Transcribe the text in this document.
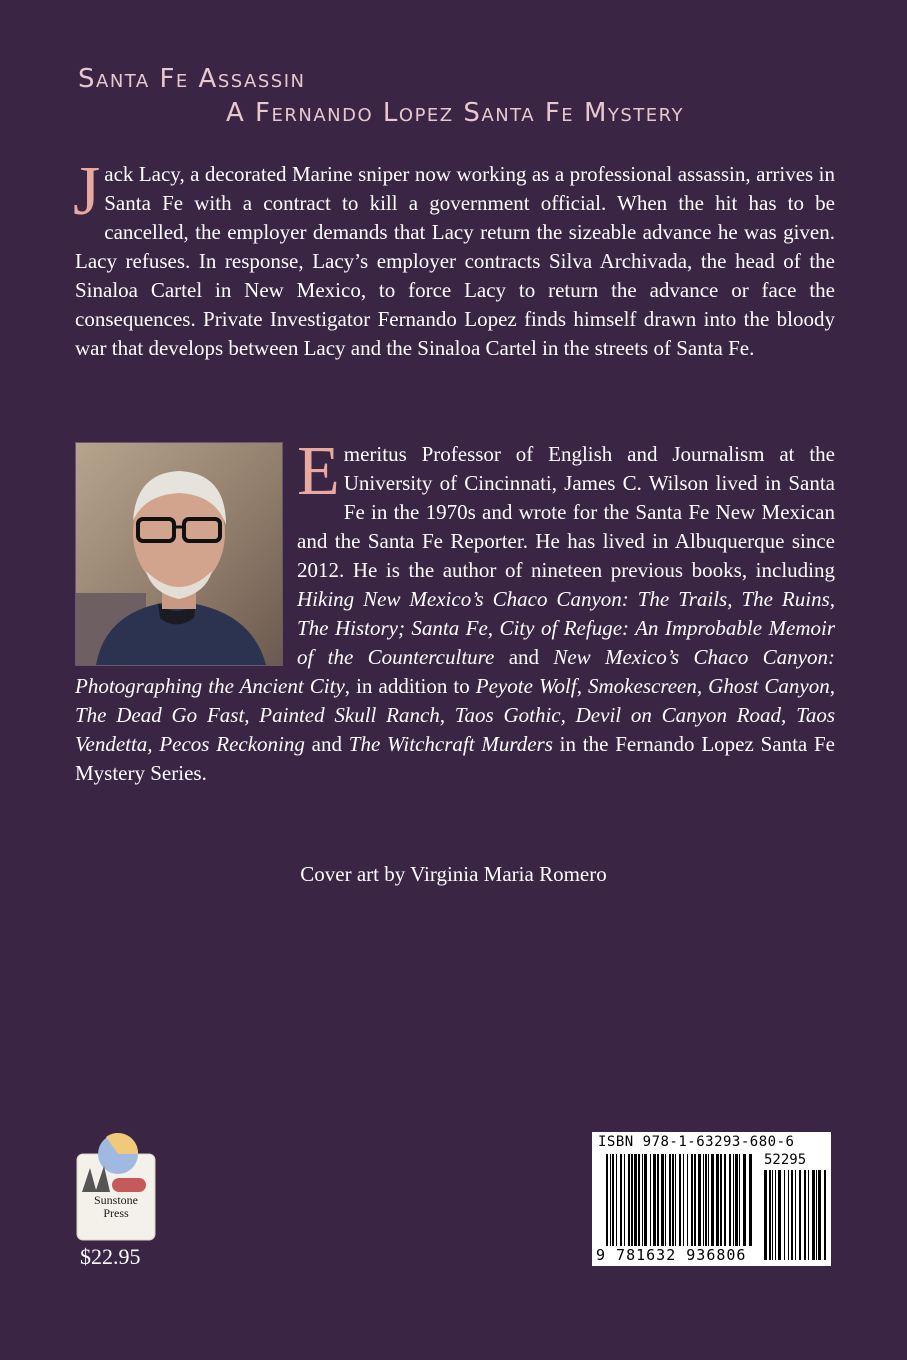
Santa Fe Assassin
A Fernando Lopez Santa Fe Mystery
Jack Lacy, a decorated Marine sniper now working as a professional assassin, arrives in Santa Fe with a contract to kill a government official. When the hit has to be cancelled, the employer demands that Lacy return the sizeable advance he was given. Lacy refuses. In response, Lacy’s employer contracts Silva Archivada, the head of the Sinaloa Cartel in New Mexico, to force Lacy to return the advance or face the consequences. Private Investigator Fernando Lopez finds himself drawn into the bloody war that develops between Lacy and the Sinaloa Cartel in the streets of Santa Fe.
Emeritus Professor of English and Journalism at the University of Cincinnati, James C. Wilson lived in Santa Fe in the 1970s and wrote for the Santa Fe New Mexican and the Santa Fe Reporter. He has lived in Albuquerque since 2012. He is the author of nineteen previous books, including Hiking New Mexico’s Chaco Canyon: The Trails, The Ruins, The History; Santa Fe, City of Refuge: An Improbable Memoir of the Counterculture and New Mexico’s Chaco Canyon: Photographing the Ancient City, in addition to Peyote Wolf, Smokescreen, Ghost Canyon, The Dead Go Fast, Painted Skull Ranch, Taos Gothic, Devil on Canyon Road, Taos Vendetta, Pecos Reckoning and The Witchcraft Murders in the Fernando Lopez Santa Fe Mystery Series.
Cover art by Virginia Maria Romero
Sunstone
Press
$22.95
ISBN 978-1-63293-680-6
52295
9 781632 936806
